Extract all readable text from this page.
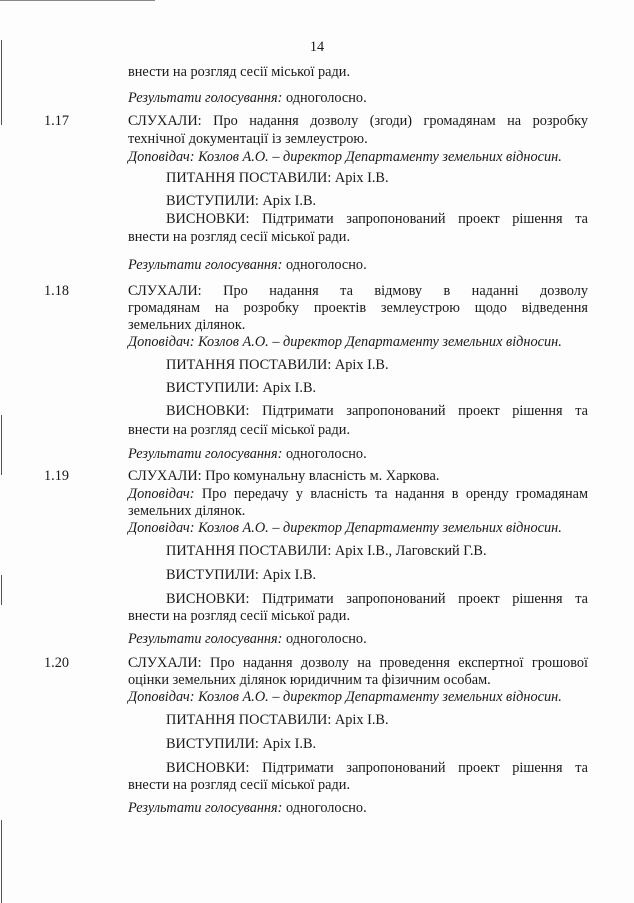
14
внести на розгляд сесії міської ради.
Результати голосування: одноголосно.
1.17	СЛУХАЛИ: Про надання дозволу (згоди) громадянам на розробку
технічної документації із землеустрою.
Доповідач: Козлов А.О. – директор Департаменту земельних відносин.
ПИТАННЯ ПОСТАВИЛИ: Аріх І.В.
ВИСТУПИЛИ: Аріх І.В.
ВИСНОВКИ: Підтримати запропонований проект рішення та
внести на розгляд сесії міської ради.
Результати голосування: одноголосно.
1.18	СЛУХАЛИ: Про надання та відмову в наданні дозволу
громадянам на розробку проектів землеустрою щодо відведення
земельних ділянок.
Доповідач: Козлов А.О. – директор Департаменту земельних відносин.
ПИТАННЯ ПОСТАВИЛИ: Аріх І.В.
ВИСТУПИЛИ: Аріх І.В.
ВИСНОВКИ: Підтримати запропонований проект рішення та
внести на розгляд сесії міської ради.
Результати голосування: одноголосно.
1.19	СЛУХАЛИ: Про комунальну власність м. Харкова.
Доповідач: Про передачу у власність та надання в оренду громадянам
земельних ділянок.
Доповідач: Козлов А.О. – директор Департаменту земельних відносин.
ПИТАННЯ ПОСТАВИЛИ: Аріх І.В., Лаговский Г.В.
ВИСТУПИЛИ: Аріх І.В.
ВИСНОВКИ: Підтримати запропонований проект рішення та
внести на розгляд сесії міської ради.
Результати голосування: одноголосно.
1.20	СЛУХАЛИ: Про надання дозволу на проведення експертної грошової
оцінки земельних ділянок юридичним та фізичним особам.
Доповідач: Козлов А.О. – директор Департаменту земельних відносин.
ПИТАННЯ ПОСТАВИЛИ: Аріх І.В.
ВИСТУПИЛИ: Аріх І.В.
ВИСНОВКИ: Підтримати запропонований проект рішення та
внести на розгляд сесії міської ради.
Результати голосування: одноголосно.
